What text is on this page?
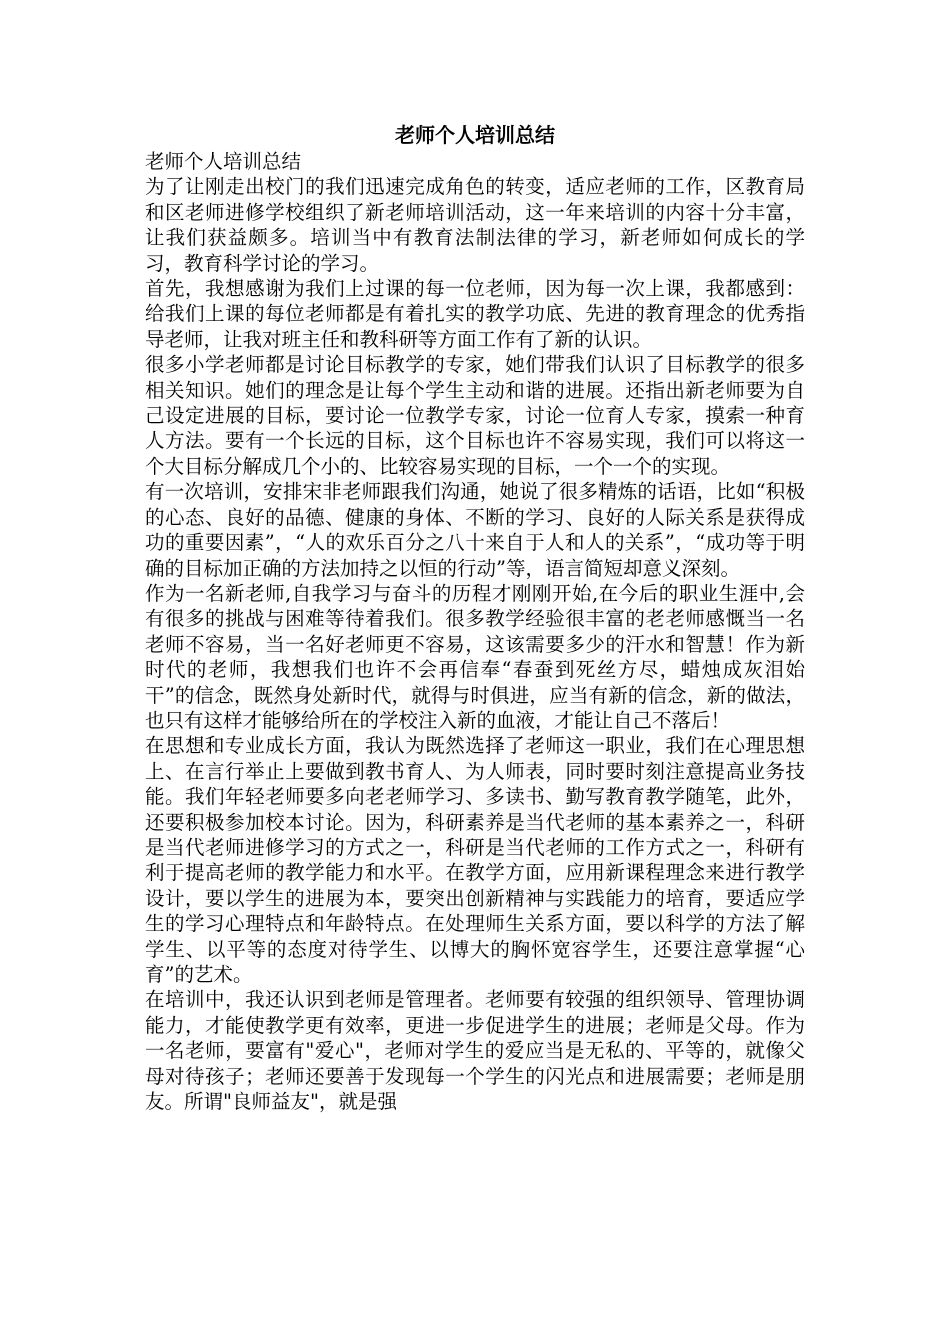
老师个人培训总结

老师个人培训总结

为了让刚走出校门的我们迅速完成角色的转变，适应老师的工作，区教育局和区老师进修学校组织了新老师培训活动，这一年来培训的内容十分丰富，让我们获益颇多。培训当中有教育法制法律的学习，新老师如何成长的学习，教育科学讨论的学习。

首先，我想感谢为我们上过课的每一位老师，因为每一次上课，我都感到：给我们上课的每位老师都是有着扎实的教学功底、先进的教育理念的优秀指导老师，让我对班主任和教科研等方面工作有了新的认识。

很多小学老师都是讨论目标教学的专家，她们带我们认识了目标教学的很多相关知识。她们的理念是让每个学生主动和谐的进展。还指出新老师要为自己设定进展的目标，要讨论一位教学专家，讨论一位育人专家，摸索一种育人方法。要有一个长远的目标，这个目标也许不容易实现，我们可以将这一个大目标分解成几个小的、比较容易实现的目标，一个一个的实现。

有一次培训，安排宋非老师跟我们沟通，她说了很多精炼的话语，比如“积极的心态、良好的品德、健康的身体、不断的学习、良好的人际关系是获得成功的重要因素”，“人的欢乐百分之八十来自于人和人的关系”，“成功等于明确的目标加正确的方法加持之以恒的行动”等，语言简短却意义深刻。

作为一名新老师,自我学习与奋斗的历程才刚刚开始,在今后的职业生涯中,会有很多的挑战与困难等待着我们。很多教学经验很丰富的老老师感慨当一名老师不容易，当一名好老师更不容易，这该需要多少的汗水和智慧！作为新时代的老师，我想我们也许不会再信奉“春蚕到死丝方尽，蜡烛成灰泪始干”的信念，既然身处新时代，就得与时俱进，应当有新的信念，新的做法，也只有这样才能够给所在的学校注入新的血液，才能让自己不落后！

在思想和专业成长方面，我认为既然选择了老师这一职业，我们在心理思想上、在言行举止上要做到教书育人、为人师表，同时要时刻注意提高业务技能。我们年轻老师要多向老老师学习、多读书、勤写教育教学随笔，此外，还要积极参加校本讨论。因为，科研素养是当代老师的基本素养之一，科研是当代老师进修学习的方式之一，科研是当代老师的工作方式之一，科研有利于提高老师的教学能力和水平。在教学方面，应用新课程理念来进行教学设计，要以学生的进展为本，要突出创新精神与实践能力的培育，要适应学生的学习心理特点和年龄特点。在处理师生关系方面，要以科学的方法了解学生、以平等的态度对待学生、以博大的胸怀宽容学生，还要注意掌握“心育”的艺术。

在培训中，我还认识到老师是管理者。老师要有较强的组织领导、管理协调能力，才能使教学更有效率，更进一步促进学生的进展；老师是父母。作为一名老师，要富有"爱心"，老师对学生的爱应当是无私的、平等的，就像父母对待孩子；老师还要善于发现每一个学生的闪光点和进展需要；老师是朋友。所谓"良师益友"，就是强
